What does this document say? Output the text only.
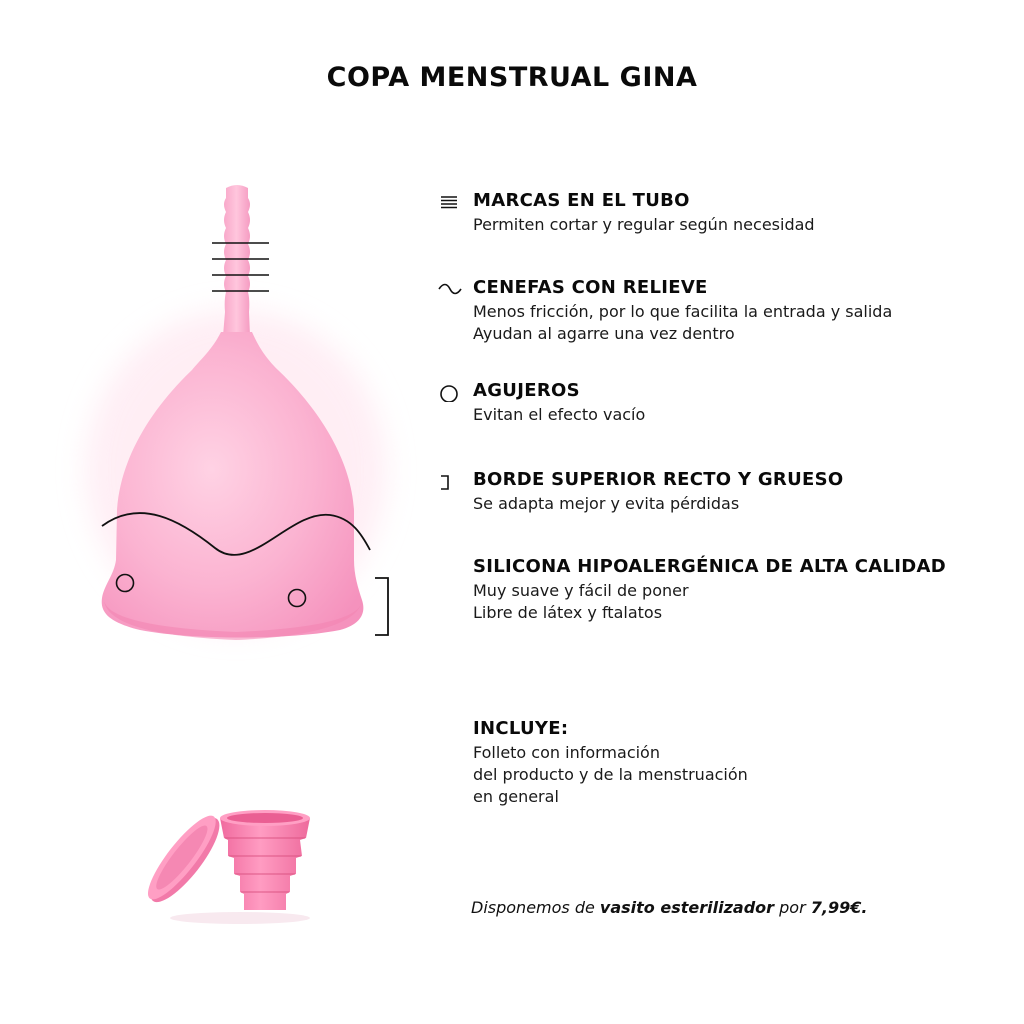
COPA MENSTRUAL GINA
MARCAS EN EL TUBO

Permiten cortar y regular según necesidad

CENEFAS CON RELIEVE

Menos fricción, por lo que facilita la entrada y salida

Ayudan al agarre una vez dentro

AGUJEROS

Evitan el efecto vacío

BORDE SUPERIOR RECTO Y GRUESO

Se adapta mejor y evita pérdidas

SILICONA HIPOALERGÉNICA DE ALTA CALIDAD

Muy suave y fácil de poner

Libre de látex y ftalatos

INCLUYE:

Folleto con información

del producto y de la menstruación

en general

Disponemos de vasito esterilizador por 7,99€.
